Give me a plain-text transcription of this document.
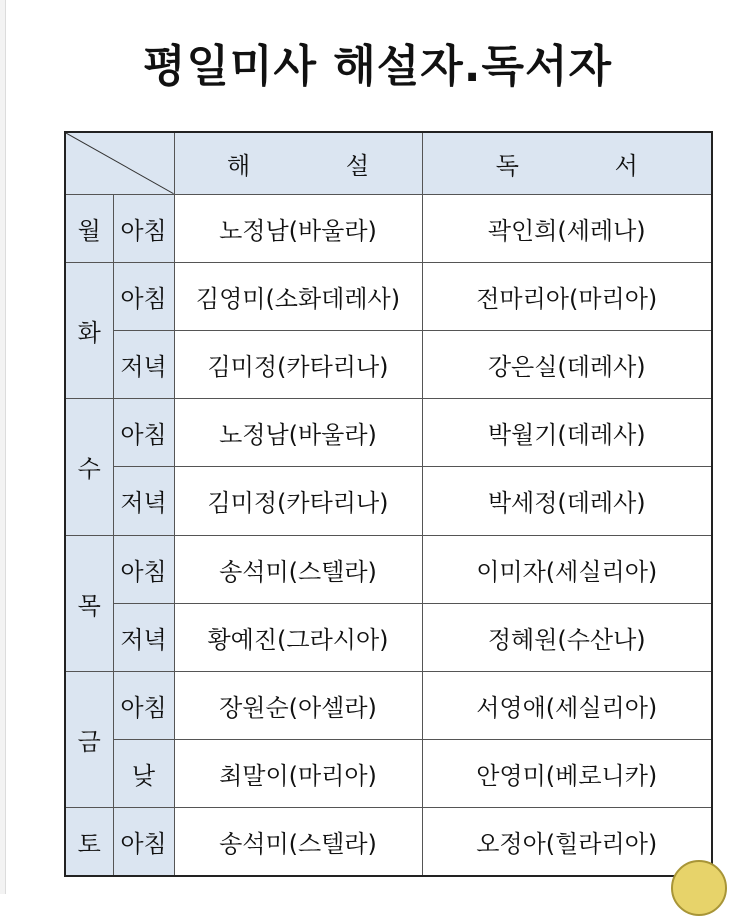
평일미사 해설자.독서자
	해 설	독 서
월	아침	노정남(바울라)	곽인희(세레나)
화	아침	김영미(소화데레사)	전마리아(마리아)
	저녁	김미정(카타리나)	강은실(데레사)
수	아침	노정남(바울라)	박월기(데레사)
	저녁	김미정(카타리나)	박세정(데레사)
목	아침	송석미(스텔라)	이미자(세실리아)
	저녁	황예진(그라시아)	정혜원(수산나)
금	아침	장원순(아셀라)	서영애(세실리아)
	낮	최말이(마리아)	안영미(베로니카)
토	아침	송석미(스텔라)	오정아(힐라리아)
